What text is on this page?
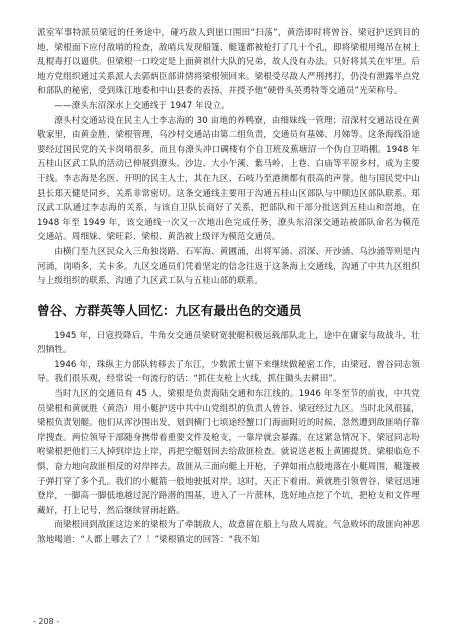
派室军事特派员梁冠的任务途中，碰巧敌人到崖口围田“扫荡”，黄浩即时将曾谷、梁冠护送到目的地，梁根面下应付敌哨的检查，敌哨兵发现船篷、艇篷都被枪打了几十个孔，即将梁根用绳吊在树上乱棍毒打以逼供。但梁根一口咬定是上面黄祺什大队的兄弟，故人没有办法。只好将其关在牢里。后地方党组织通过关系派人去郭炳臣部讲情将梁根领回来。梁根受尽敌人严刑拷打，仍没有泄露半点党和部队的秘密，受到珠江地委和中山县委的表扬，并授予他“硬骨头英勇特等交通员”光荣称号。

——潦头东沼深水上交通线于 1947 年设立。

潦头村交通站设在民主人士李志海的 30 亩地的养鸭寮，由细妹线一管理；沼深村交通站设在黄敬家里，由黄金胜、梁根管理，乌沙村交通站由第二组负责，交通员有基娣、月娣等。这条海线沿途要经过国民党的关卡岗哨很多，而且有潦头冲口碉楼有个自卫班及蕉塘沼一个伪自卫哨棚。1948 年五桂山区武工队的活动已伸展到潦头、沙边、大小午溪、紫马岭、上巷、白庙等平原乡村，成为主要干线。李志海是名医、开明的民主人士，其在九区、石岐乃至港澳都有很高的声誉。他与国民党中山县长郑天健是同乡，关系非常密切。这条交通线主要用于沟通五桂山区部队与中顺边区部队联系。郑汉武工队通过李志海的关系，与该自卫队长商好了关系，把部队和干部分批送到五桂山和滘地，在 1948 年至 1949 年，该交通线一次又一次地出色完成任务，潦头东沼深交通站被部队命名为模范交通站。周细妹、梁旺彩、梁根、黄浩被上级评为模范交通员。

由横门至九区民众入三角独岗路、石军海、黄圃涌，出将军涌、沼深、开沙涌、乌沙涌等则是内河涌，岗哨多，关卡多。九区交通员们凭着坚定的信念往返于这条海上交通线，沟通了中共九区组织与上级组织的联系，沟通了九区武工队与五桂山部的联系。

曾谷、方群英等人回忆：九区有最出色的交通员

1945 年，日寇投降后，牛角女交通员梁财宽驶艇积极运载部队北上，途中在庸家与敌战斗，壮烈牺牲。

1946 年，珠纵主力部队转移去了东江，少数派士留下来继续做秘密工作，由梁冠、曾谷同志领导。我们很乐观，经常说一句流行的话：“抓住支枪上火线，抓住锄头去耕田”。

当时九区的交通员有 45 人，梁根是负责海陆交通和东江线的。1946 年冬至节的前夜，中共党员梁根和黄就胜（黄浩）用小艇护送中共中山党组织的负责人曾谷、梁冠经过九区。当时北风很猛，梁根负责划艇。他们从浑沙围出发，划到横门七顷途经蟹口门海面附近的时候，忽然遭到敌匪哨仔靠岸搜查。两位领导干部随身携带着重要文件及枪支，一靠岸就会暴露。在这紧急情况下，梁冠同志吩咐梁根把他们三人掉到岸边上岸，再把空艇划回去给敌匪检查。就说送老板上黄圃提货。梁根临危不惧，奋力地向敌匪相反的对岸摔去。敌匪从三面向艇上开枪，子弹如雨点般地落在小艇周围，艇篷被子弹打穿了多个孔。我们的小艇箭一般地驶抵对岸。这时，天正下着雨。黄就胜引领曾谷、梁冠迅速登岸，一脚高一脚低地越过泥泞路潜的围基，进入了一片蔗林，选好地点挖了个坑，把枪支和文件埋藏好，打上记号，然后继续冒雨赶路。

而梁根回到敌匪这边来的梁根为了牵制敌人，故意留在船上与敌人周旋。气急败坏的敌匪向神恶煞地喝道：“人都上哪去了？！”梁根镇定的回答：“我不知

- 208 -
